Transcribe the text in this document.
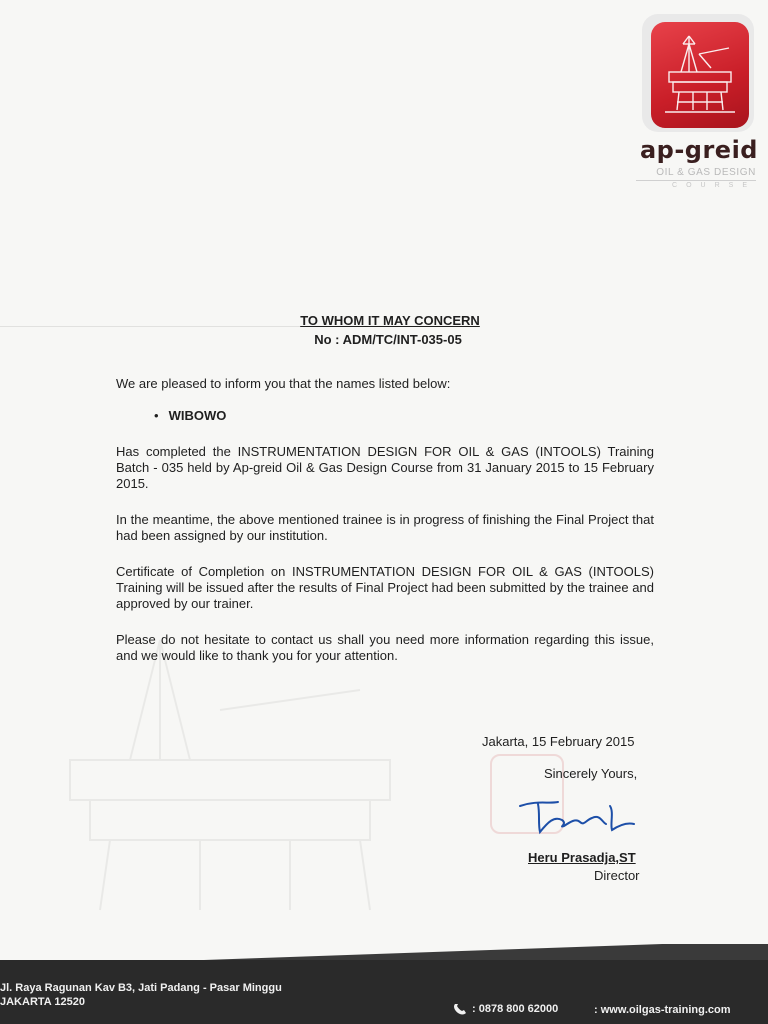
ap-greid
OIL & GAS DESIGN
COURSE
TO WHOM IT MAY CONCERN
No : ADM/TC/INT-035-05
We are pleased to inform you that the names listed below:
• WIBOWO
Has completed the INSTRUMENTATION DESIGN FOR OIL & GAS (INTOOLS) Training Batch - 035 held by Ap-greid Oil & Gas Design Course from 31 January 2015 to 15 February 2015.
In the meantime, the above mentioned trainee is in progress of finishing the Final Project that had been assigned by our institution.
Certificate of Completion on INSTRUMENTATION DESIGN FOR OIL & GAS (INTOOLS) Training will be issued after the results of Final Project had been submitted by the trainee and approved by our trainer.
Please do not hesitate to contact us shall you need more information regarding this issue, and we would like to thank you for your attention.
Jakarta, 15 February 2015
Sincerely Yours,
Heru Prasadja,ST
Director
Jl. Raya Ragunan Kav B3, Jati Padang - Pasar Minggu
JAKARTA 12520
: 0878 800 62000	: www.oilgas-training.com
